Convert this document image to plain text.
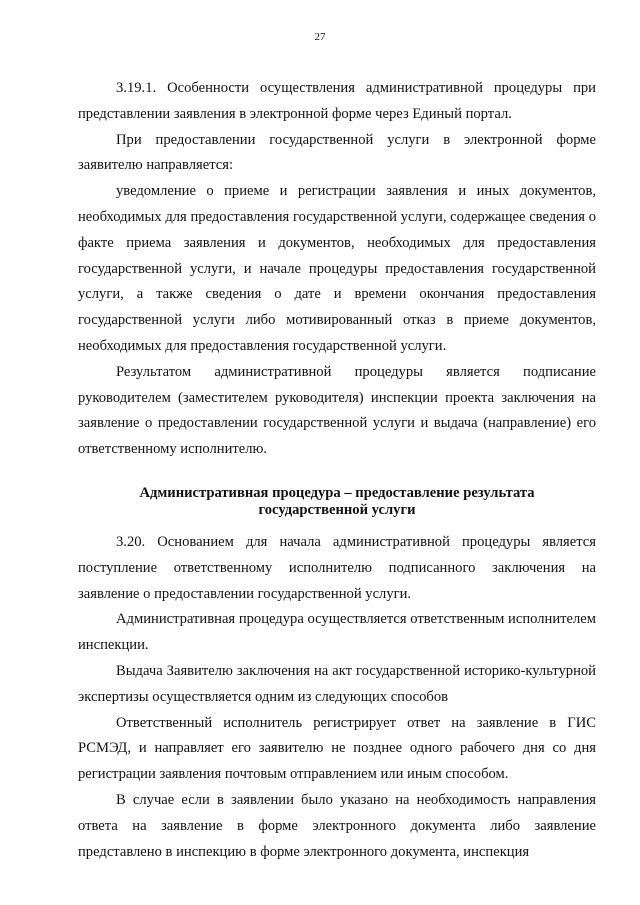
27

3.19.1. Особенности осуществления административной процедуры при представлении заявления в электронной форме через Единый портал.

При предоставлении государственной услуги в электронной форме заявителю направляется:

уведомление о приеме и регистрации заявления и иных документов, необходимых для предоставления государственной услуги, содержащее сведения о факте приема заявления и документов, необходимых для предоставления государственной услуги, и начале процедуры предоставления государственной услуги, а также сведения о дате и времени окончания предоставления государственной услуги либо мотивированный отказ в приеме документов, необходимых для предоставления государственной услуги.

Результатом административной процедуры является подписание руководителем (заместителем руководителя) инспекции проекта заключения на заявление о предоставлении государственной услуги и выдача (направление) его ответственному исполнителю.

Административная процедура – предоставление результата
государственной услуги

3.20. Основанием для начала административной процедуры является поступление ответственному исполнителю подписанного заключения на заявление о предоставлении государственной услуги.

Административная процедура осуществляется ответственным исполнителем инспекции.

Выдача Заявителю заключения на акт государственной историко-культурной экспертизы осуществляется одним из следующих способов

Ответственный исполнитель регистрирует ответ на заявление в ГИС РСМЭД, и направляет его заявителю не позднее одного рабочего дня со дня регистрации заявления почтовым отправлением или иным способом.

В случае если в заявлении было указано на необходимость направления ответа на заявление в форме электронного документа либо заявление представлено в инспекцию в форме электронного документа, инспекция
